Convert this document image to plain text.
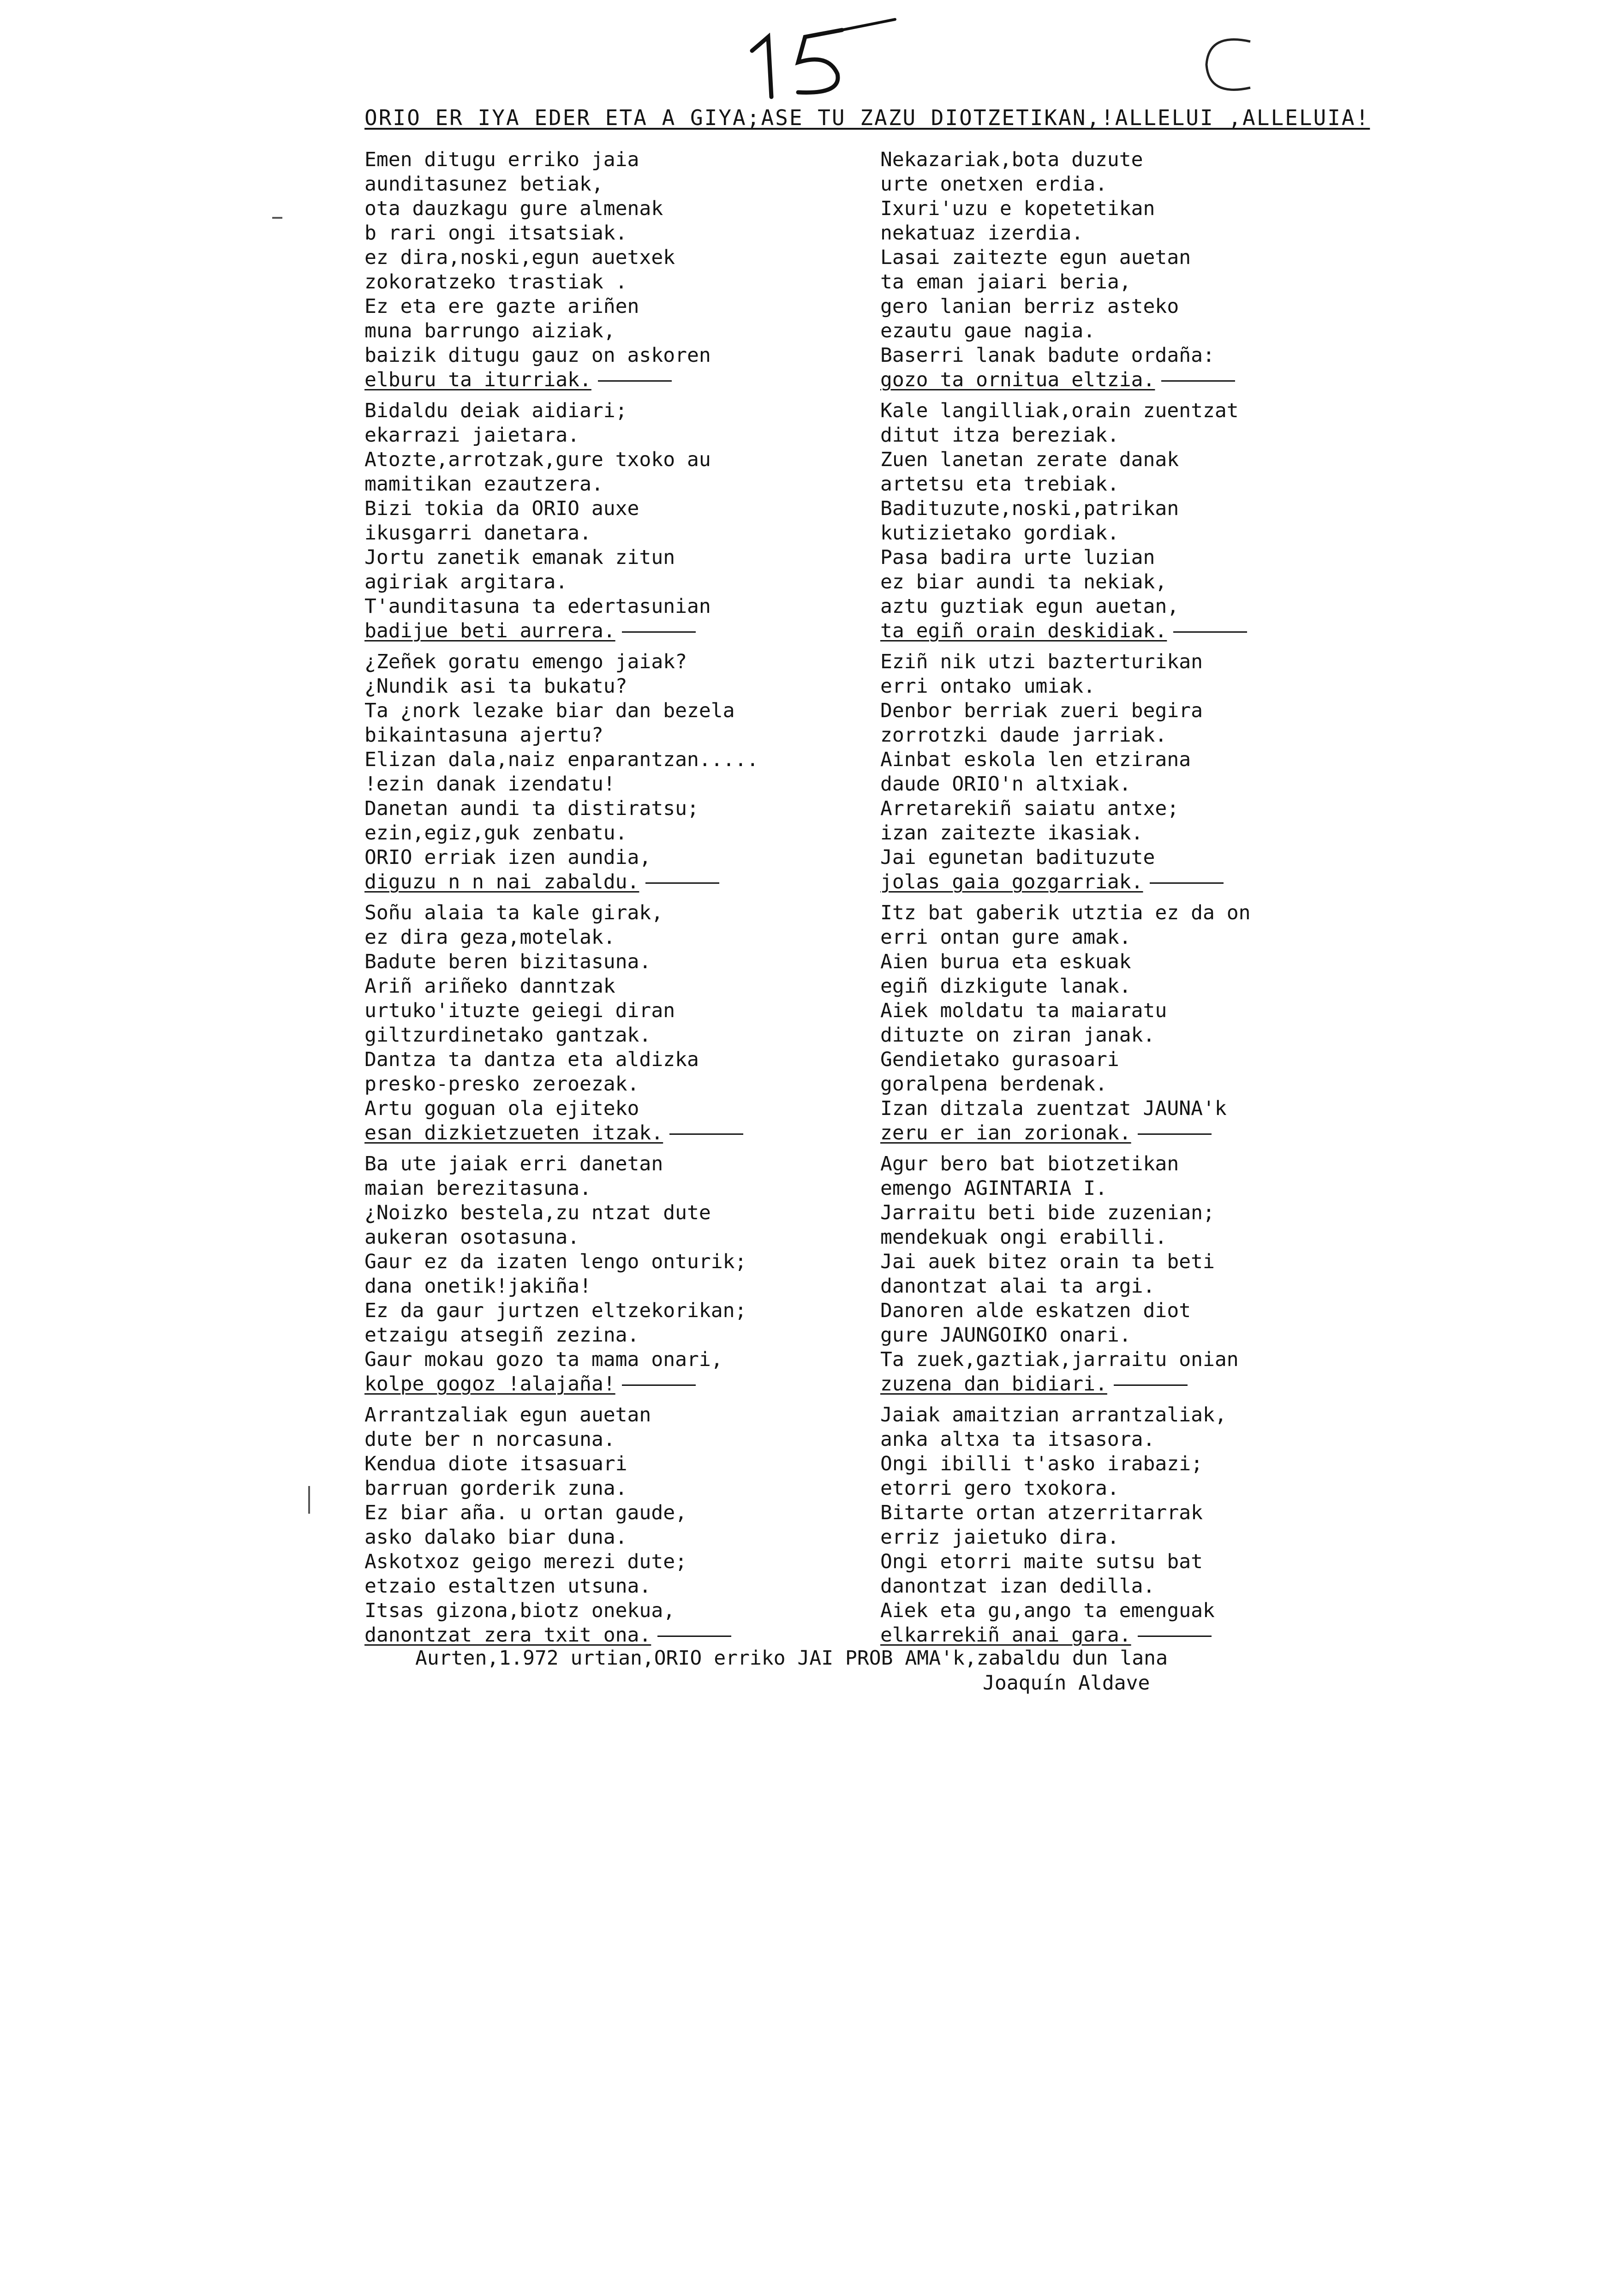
ORIO ER IYA EDER ETA A GIYA;ASE TU ZAZU DIOTZETIKAN,!ALLELUI ,ALLELUIA!
Emen ditugu erriko jaia
aunditasunez betiak,
ota dauzkagu gure almenak
b rari ongi itsatsiak.
ez dira,noski,egun auetxek
zokoratzeko trastiak .
Ez eta ere gazte ariñen
muna barrungo aiziak,
baizik ditugu gauz on askoren
elburu ta iturriak.
Bidaldu deiak aidiari;
ekarrazi jaietara.
Atozte,arrotzak,gure txoko au
mamitikan ezautzera.
Bizi tokia da ORIO auxe
ikusgarri danetara.
Jortu zanetik emanak zitun
agiriak argitara.
T'aunditasuna ta edertasunian
badijue beti aurrera.
¿Zeñek goratu emengo jaiak?
¿Nundik asi ta bukatu?
Ta ¿nork lezake biar dan bezela
bikaintasuna ajertu?
Elizan dala,naiz enparantzan.....
!ezin danak izendatu!
Danetan aundi ta distiratsu;
ezin,egiz,guk zenbatu.
ORIO erriak izen aundia,
diguzu n n nai zabaldu.
Soñu alaia ta kale girak,
ez dira geza,motelak.
Badute beren bizitasuna.
Ariñ ariñeko danntzak
urtuko'ituzte geiegi diran
giltzurdinetako gantzak.
Dantza ta dantza eta aldizka
presko-presko zeroezak.
Artu goguan ola ejiteko
esan dizkietzueten itzak.
Ba ute jaiak erri danetan
maian berezitasuna.
¿Noizko bestela,zu ntzat dute
aukeran osotasuna.
Gaur ez da izaten lengo onturik;
dana onetik!jakiña!
Ez da gaur jurtzen eltzekorikan;
etzaigu atsegiñ zezina.
Gaur mokau gozo ta mama onari,
kolpe gogoz !alajaña!
Arrantzaliak egun auetan
dute ber n norcasuna.
Kendua diote itsasuari
barruan gorderik zuna.
Ez biar aña. u ortan gaude,
asko dalako biar duna.
Askotxoz geigo merezi dute;
etzaio estaltzen utsuna.
Itsas gizona,biotz onekua,
danontzat zera txit ona.
Nekazariak,bota duzute
urte onetxen erdia.
Ixuri'uzu e kopetetikan
nekatuaz izerdia.
Lasai zaitezte egun auetan
ta eman jaiari beria,
gero lanian berriz asteko
ezautu gaue nagia.
Baserri lanak badute ordaña:
gozo ta ornitua eltzia.
Kale langilliak,orain zuentzat
ditut itza bereziak.
Zuen lanetan zerate danak
artetsu eta trebiak.
Badituzute,noski,patrikan
kutizietako gordiak.
Pasa badira urte luzian
ez biar aundi ta nekiak,
aztu guztiak egun auetan,
ta egiñ orain deskidiak.
Eziñ nik utzi bazterturikan
erri ontako umiak.
Denbor berriak zueri begira
zorrotzki daude jarriak.
Ainbat eskola len etzirana
daude ORIO'n altxiak.
Arretarekiñ saiatu antxe;
izan zaitezte ikasiak.
Jai egunetan badituzute
jolas gaia gozgarriak.
Itz bat gaberik utztia ez da on
erri ontan gure amak.
Aien burua eta eskuak
egiñ dizkigute lanak.
Aiek moldatu ta maiaratu
dituzte on ziran janak.
Gendietako gurasoari
goralpena berdenak.
Izan ditzala zuentzat JAUNA'k
zeru er ian zorionak.
Agur bero bat biotzetikan
emengo AGINTARIA I.
Jarraitu beti bide zuzenian;
mendekuak ongi erabilli.
Jai auek bitez orain ta beti
danontzat alai ta argi.
Danoren alde eskatzen diot
gure JAUNGOIKO onari.
Ta zuek,gaztiak,jarraitu onian
zuzena dan bidiari.
Jaiak amaitzian arrantzaliak,
anka altxa ta itsasora.
Ongi ibilli t'asko irabazi;
etorri gero txokora.
Bitarte ortan atzerritarrak
erriz jaietuko dira.
Ongi etorri maite sutsu bat
danontzat izan dedilla.
Aiek eta gu,ango ta emenguak
elkarrekiñ anai gara.
Aurten,1.972 urtian,ORIO erriko JAI PROB AMA'k,zabaldu dun lana
Joaquín Aldave
